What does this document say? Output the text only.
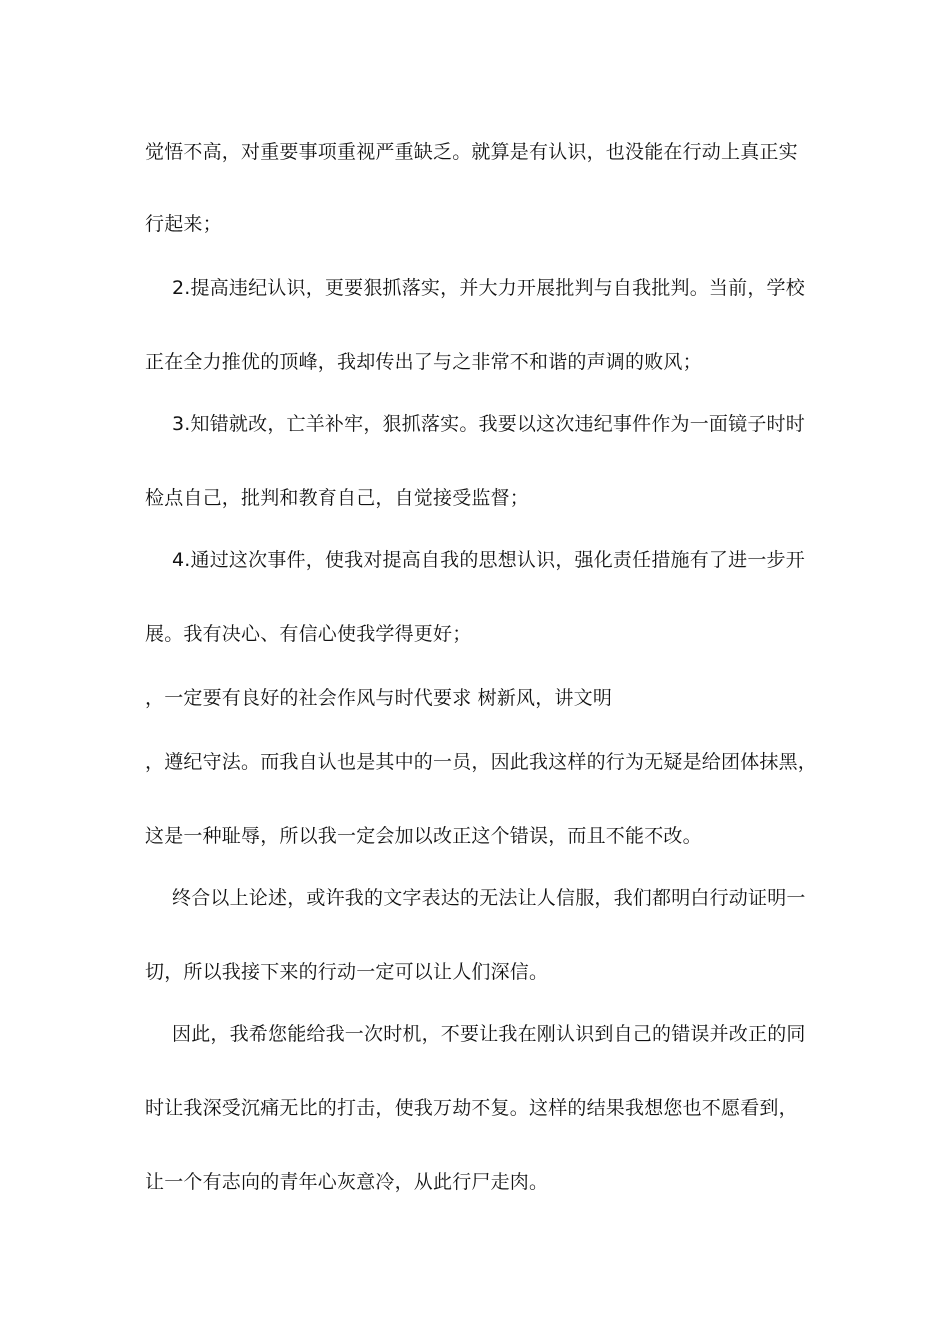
觉悟不高，对重要事项重视严重缺乏。就算是有认识，也没能在行动上真正实
行起来；
2.提高违纪认识，更要狠抓落实，并大力开展批判与自我批判。当前，学校
正在全力推优的顶峰，我却传出了与之非常不和谐的声调的败风；
3.知错就改，亡羊补牢，狠抓落实。我要以这次违纪事件作为一面镜子时时
检点自己，批判和教育自己，自觉接受监督；
4.通过这次事件，使我对提高自我的思想认识，强化责任措施有了进一步开
展。我有决心、有信心使我学得更好；
，一定要有良好的社会作风与时代要求 树新风，讲文明
，遵纪守法。而我自认也是其中的一员，因此我这样的行为无疑是给团体抹黑，
这是一种耻辱，所以我一定会加以改正这个错误，而且不能不改。
终合以上论述，或许我的文字表达的无法让人信服，我们都明白行动证明一
切，所以我接下来的行动一定可以让人们深信。
因此，我希您能给我一次时机，不要让我在刚认识到自己的错误并改正的同
时让我深受沉痛无比的打击，使我万劫不复。这样的结果我想您也不愿看到，
让一个有志向的青年心灰意冷，从此行尸走肉。
